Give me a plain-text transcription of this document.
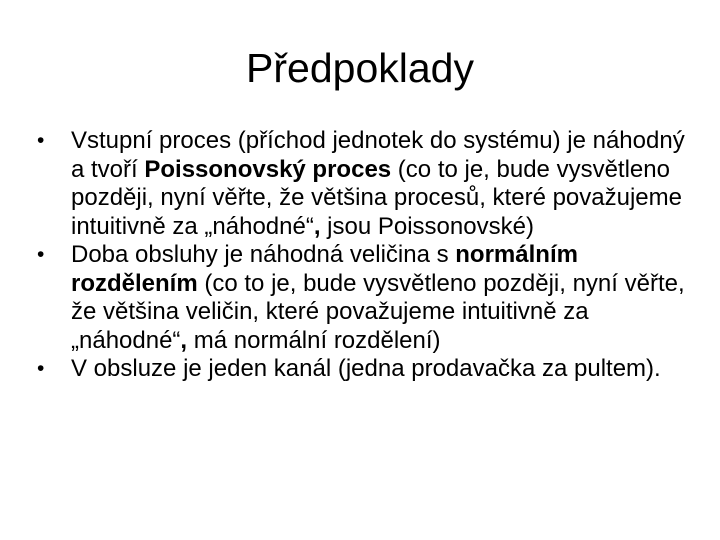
Předpoklady
•	Vstupní proces (příchod jednotek do systému) je náhodný a tvoří Poissonovský proces (co to je, bude vysvětleno později, nyní věřte, že většina procesů, které považujeme intuitivně za „náhodné“, jsou Poissonovské)
•	Doba obsluhy je náhodná veličina s normálním rozdělením (co to je, bude vysvětleno později, nyní věřte, že většina veličin, které považujeme intuitivně za „náhodné“, má normální rozdělení)
•	V obsluze je jeden kanál (jedna prodavačka za pultem).
